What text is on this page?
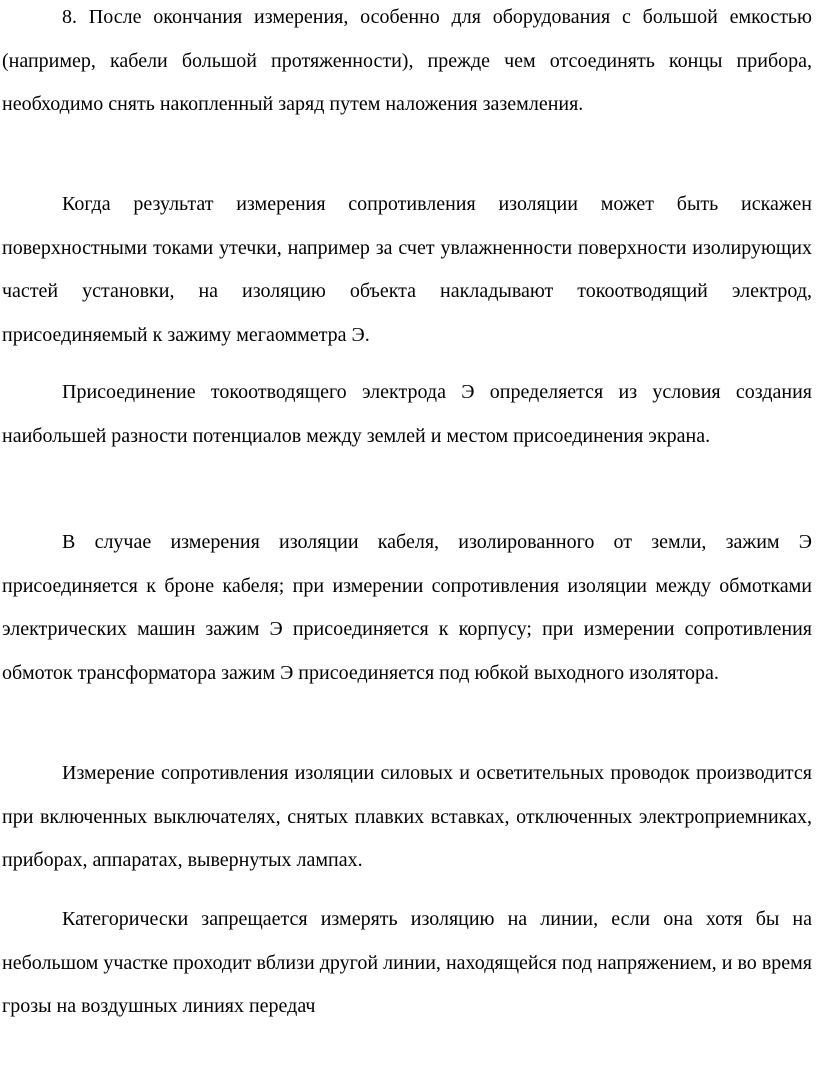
8. После окончания измерения, особенно для оборудования с большой емкостью (например, кабели большой протяженности), прежде чем отсоединять концы прибора, необходимо снять накопленный заряд путем наложения заземления.

Когда результат измерения сопротивления изоляции может быть искажен поверхностными токами утечки, например за счет увлажненности поверхности изолирующих частей установки, на изоляцию объекта накладывают токоотводящий электрод, присоединяемый к зажиму мегаомметра Э.

Присоединение токоотводящего электрода Э определяется из условия создания наибольшей разности потенциалов между землей и местом присоединения экрана.

В случае измерения изоляции кабеля, изолированного от земли, зажим Э присоединяется к броне кабеля; при измерении сопротивления изоляции между обмотками электрических машин зажим Э присоединяется к корпусу; при измерении сопротивления обмоток трансформатора зажим Э присоединяется под юбкой выходного изолятора.

Измерение сопротивления изоляции силовых и осветительных проводок производится при включенных выключателях, снятых плавких вставках, отключенных электроприемниках, приборах, аппаратах, вывернутых лампах.

Категорически запрещается измерять изоляцию на линии, если она хотя бы на небольшом участке проходит вблизи другой линии, находящейся под напряжением, и во время грозы на воздушных линиях передач
